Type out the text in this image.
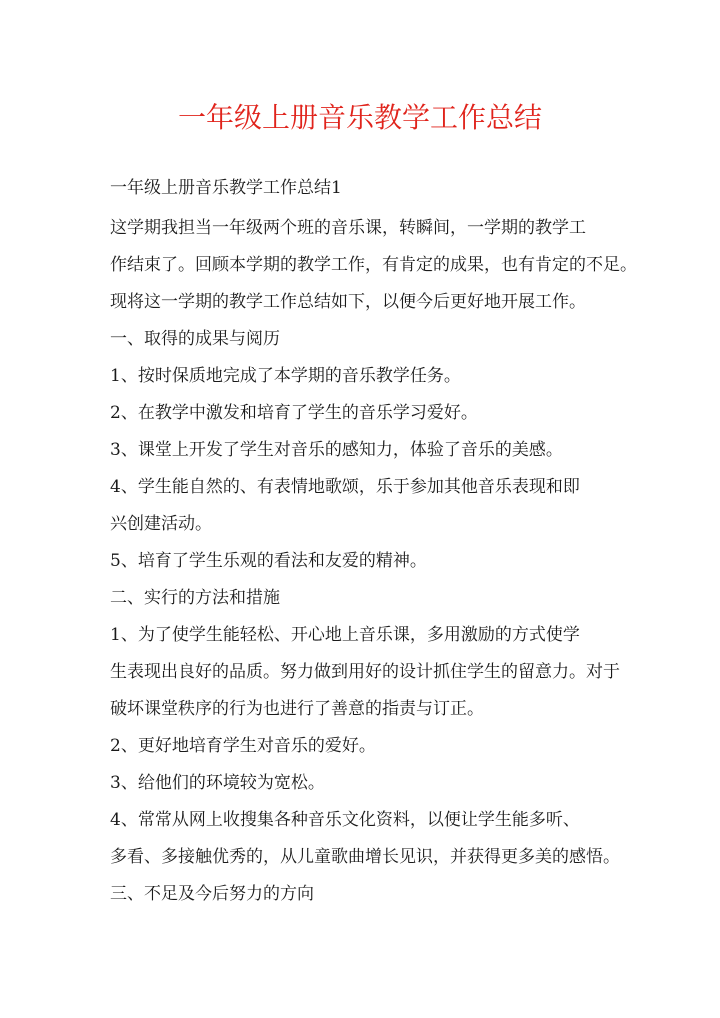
一年级上册音乐教学工作总结

一年级上册音乐教学工作总结1

这学期我担当一年级两个班的音乐课，转瞬间，一学期的教学工

作结束了。回顾本学期的教学工作，有肯定的成果，也有肯定的不足。

现将这一学期的教学工作总结如下，以便今后更好地开展工作。

一、取得的成果与阅历

1、按时保质地完成了本学期的音乐教学任务。

2、在教学中激发和培育了学生的音乐学习爱好。

3、课堂上开发了学生对音乐的感知力，体验了音乐的美感。

4、学生能自然的、有表情地歌颂，乐于参加其他音乐表现和即

兴创建活动。

5、培育了学生乐观的看法和友爱的精神。

二、实行的方法和措施

1、为了使学生能轻松、开心地上音乐课，多用激励的方式使学

生表现出良好的品质。努力做到用好的设计抓住学生的留意力。对于

破坏课堂秩序的行为也进行了善意的指责与订正。

2、更好地培育学生对音乐的爱好。

3、给他们的环境较为宽松。

4、常常从网上收搜集各种音乐文化资料，以便让学生能多听、

多看、多接触优秀的，从儿童歌曲增长见识，并获得更多美的感悟。

三、不足及今后努力的方向
